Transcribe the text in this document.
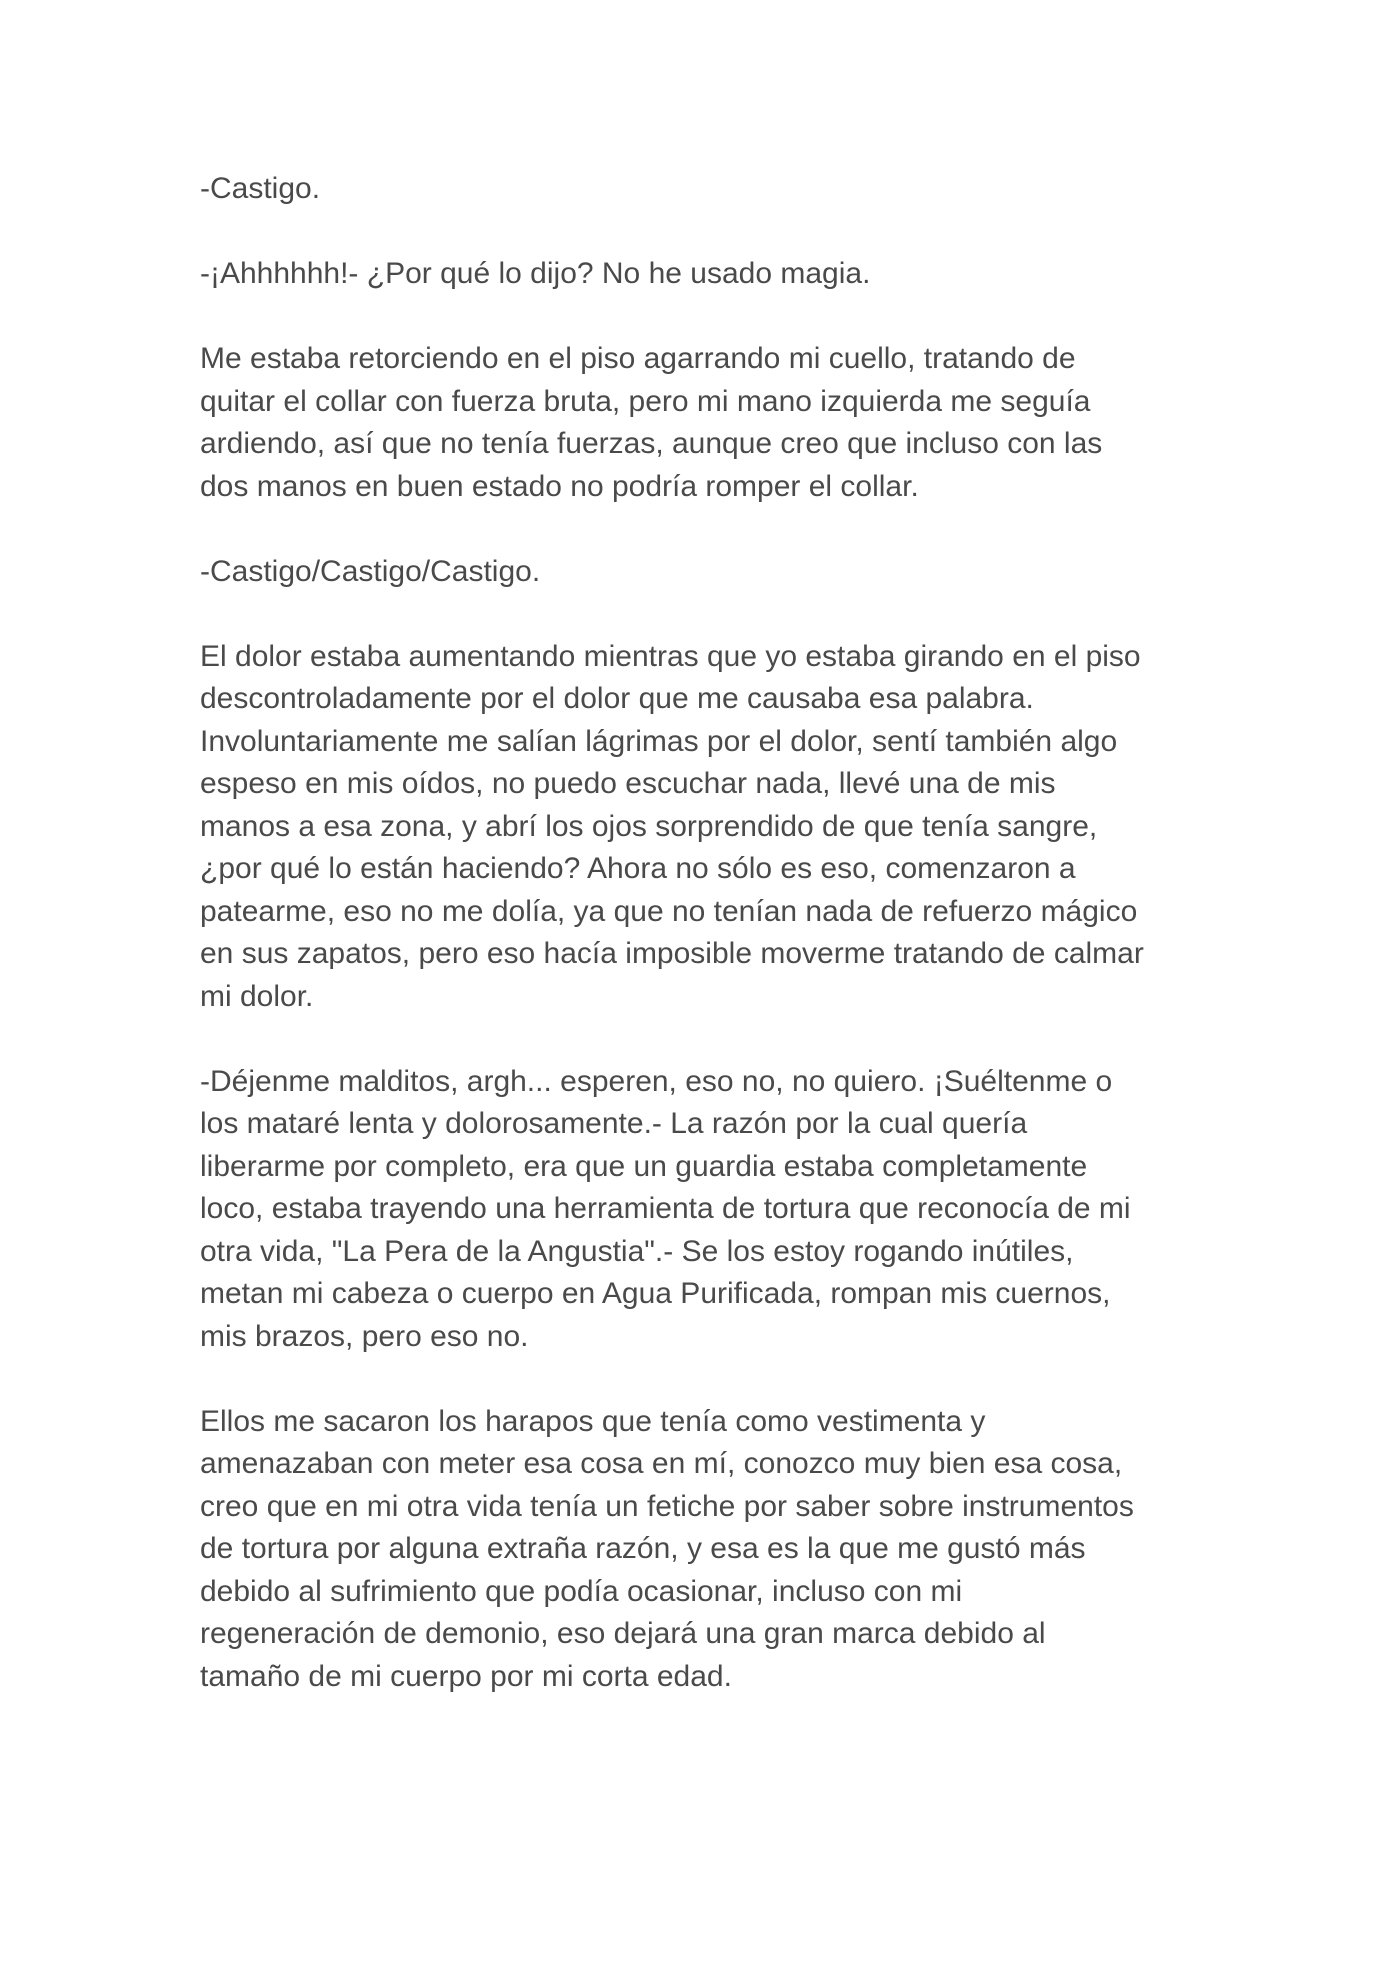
-Castigo.

-¡Ahhhhhh!- ¿Por qué lo dijo? No he usado magia.

Me estaba retorciendo en el piso agarrando mi cuello, tratando de
quitar el collar con fuerza bruta, pero mi mano izquierda me seguía
ardiendo, así que no tenía fuerzas, aunque creo que incluso con las
dos manos en buen estado no podría romper el collar.

-Castigo/Castigo/Castigo.

El dolor estaba aumentando mientras que yo estaba girando en el piso
descontroladamente por el dolor que me causaba esa palabra.
Involuntariamente me salían lágrimas por el dolor, sentí también algo
espeso en mis oídos, no puedo escuchar nada, llevé una de mis
manos a esa zona, y abrí los ojos sorprendido de que tenía sangre,
¿por qué lo están haciendo? Ahora no sólo es eso, comenzaron a
patearme, eso no me dolía, ya que no tenían nada de refuerzo mágico
en sus zapatos, pero eso hacía imposible moverme tratando de calmar
mi dolor.

-Déjenme malditos, argh... esperen, eso no, no quiero. ¡Suéltenme o
los mataré lenta y dolorosamente.- La razón por la cual quería
liberarme por completo, era que un guardia estaba completamente
loco, estaba trayendo una herramienta de tortura que reconocía de mi
otra vida, "La Pera de la Angustia".- Se los estoy rogando inútiles,
metan mi cabeza o cuerpo en Agua Purificada, rompan mis cuernos,
mis brazos, pero eso no.

Ellos me sacaron los harapos que tenía como vestimenta y
amenazaban con meter esa cosa en mí, conozco muy bien esa cosa,
creo que en mi otra vida tenía un fetiche por saber sobre instrumentos
de tortura por alguna extraña razón, y esa es la que me gustó más
debido al sufrimiento que podía ocasionar, incluso con mi
regeneración de demonio, eso dejará una gran marca debido al
tamaño de mi cuerpo por mi corta edad.
